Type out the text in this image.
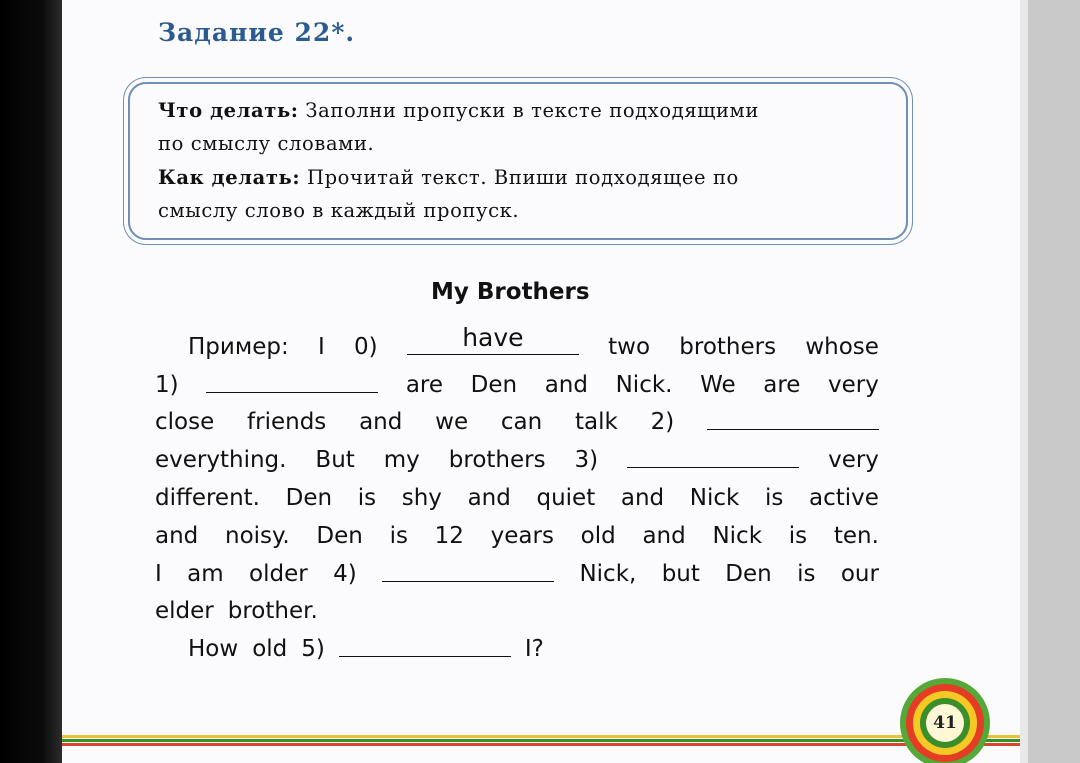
Задание 22*.
Что делать: Заполни пропуски в тексте подходящими
по смыслу словами.
Как делать: Прочитай текст. Впиши подходящее по
смыслу слово в каждый пропуск.
My Brothers
Пример: I 0)	have	two brothers whose
1)	are Den and Nick. We are very
close friends and we can talk 2)
everything. But my brothers 3)	very
different. Den is shy and quiet and Nick is active
and noisy. Den is 12 years old and Nick is ten.
I am older 4)	Nick, but Den is our
elder brother.
How old 5)	I?
41
